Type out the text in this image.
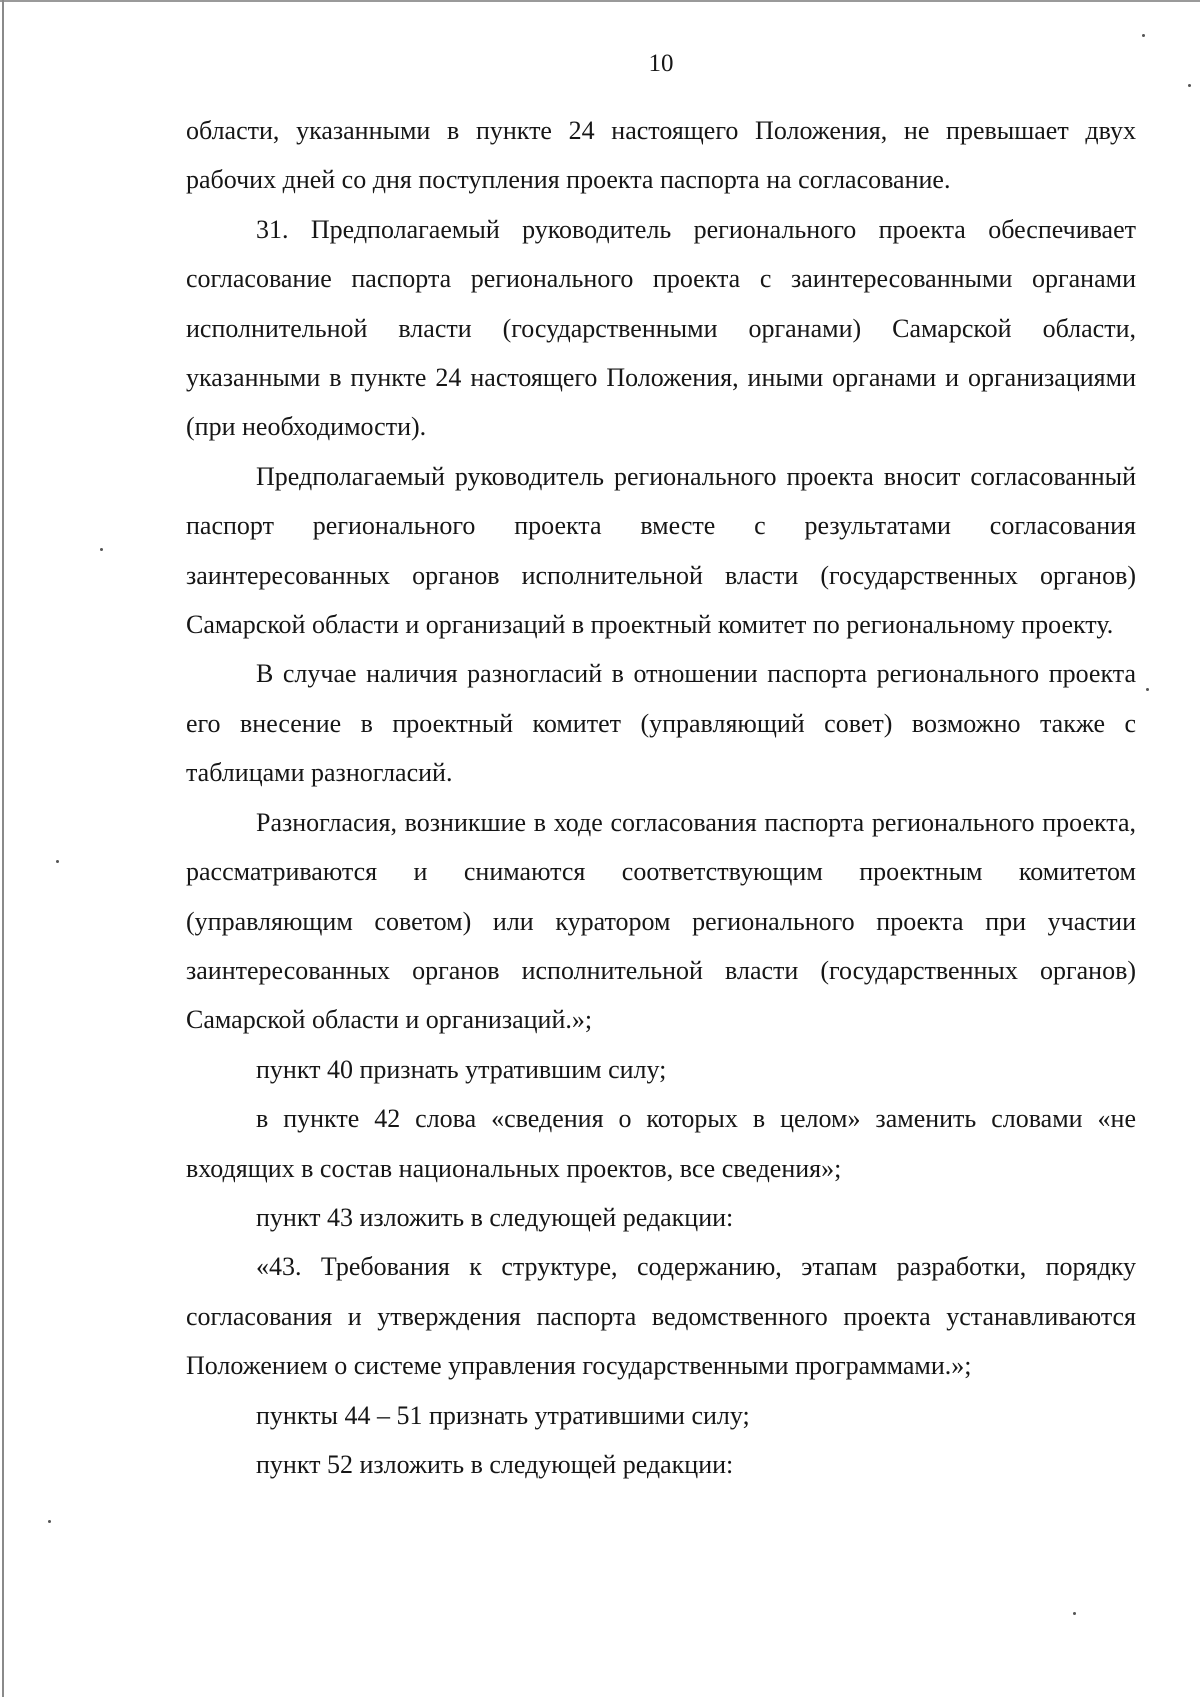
10

области, указанными в пункте 24 настоящего Положения, не превышает двух рабочих дней со дня поступления проекта паспорта на согласование.

31. Предполагаемый руководитель регионального проекта обеспечивает согласование паспорта регионального проекта с заинтересованными органами исполнительной власти (государственными органами) Самарской области, указанными в пункте 24 настоящего Положения, иными органами и организациями (при необходимости).

Предполагаемый руководитель регионального проекта вносит согласованный паспорт регионального проекта вместе с результатами согласования заинтересованных органов исполнительной власти (государственных органов) Самарской области и организаций в проектный комитет по региональному проекту.

В случае наличия разногласий в отношении паспорта регионального проекта его внесение в проектный комитет (управляющий совет) возможно также с таблицами разногласий.

Разногласия, возникшие в ходе согласования паспорта регионального проекта, рассматриваются и снимаются соответствующим проектным комитетом (управляющим советом) или куратором регионального проекта при участии заинтересованных органов исполнительной власти (государственных органов) Самарской области и организаций.»;

пункт 40 признать утратившим силу;

в пункте 42 слова «сведения о которых в целом» заменить словами «не входящих в состав национальных проектов, все сведения»;

пункт 43 изложить в следующей редакции:

«43. Требования к структуре, содержанию, этапам разработки, порядку согласования и утверждения паспорта ведомственного проекта устанавливаются Положением о системе управления государственными программами.»;

пункты 44 – 51 признать утратившими силу;

пункт 52 изложить в следующей редакции:
